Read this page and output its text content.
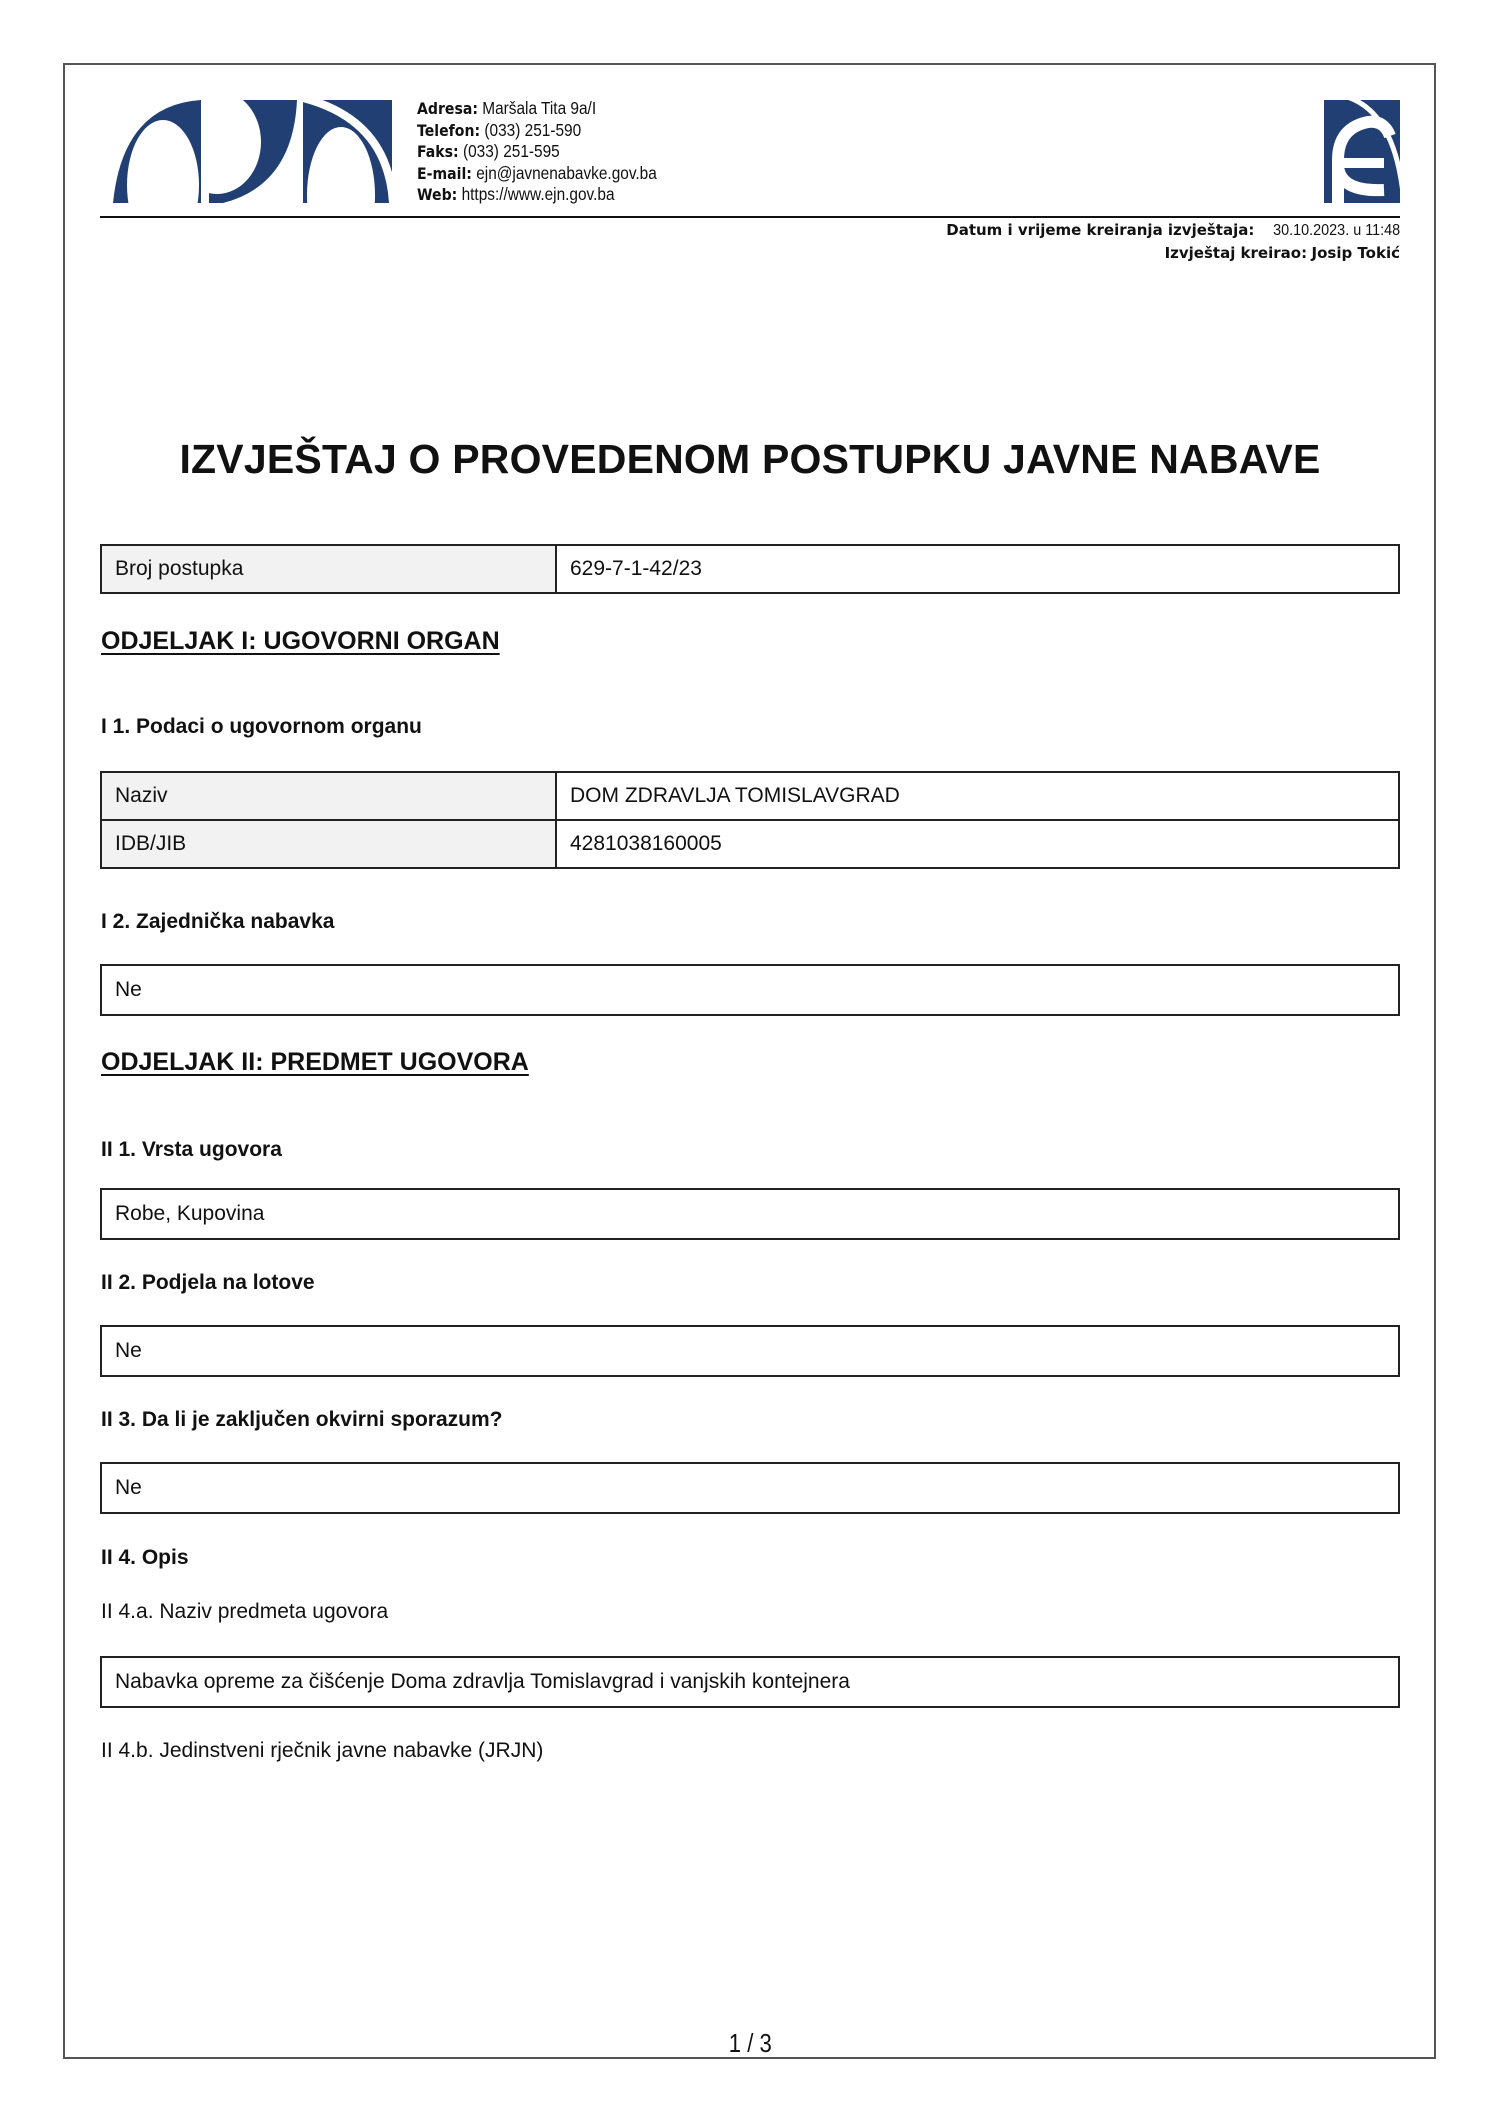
Adresa: Maršala Tita 9a/I
Telefon: (033) 251-590
Faks: (033) 251-595
E-mail: ejn@javnenabavke.gov.ba
Web: https://www.ejn.gov.ba
Datum i vrijeme kreiranja izvještaja: 30.10.2023. u 11:48
Izvještaj kreirao: Josip Tokić
IZVJEŠTAJ O PROVEDENOM POSTUPKU JAVNE NABAVE
Broj postupka	629-7-1-42/23
ODJELJAK I: UGOVORNI ORGAN
I 1. Podaci o ugovornom organu
Naziv	DOM ZDRAVLJA TOMISLAVGRAD
IDB/JIB	4281038160005
I 2. Zajednička nabavka
Ne
ODJELJAK II: PREDMET UGOVORA
II 1. Vrsta ugovora
Robe, Kupovina
II 2. Podjela na lotove
Ne
II 3. Da li je zaključen okvirni sporazum?
Ne
II 4. Opis
II 4.a. Naziv predmeta ugovora
Nabavka opreme za čišćenje Doma zdravlja Tomislavgrad i vanjskih kontejnera
II 4.b. Jedinstveni rječnik javne nabavke (JRJN)
1 / 3
